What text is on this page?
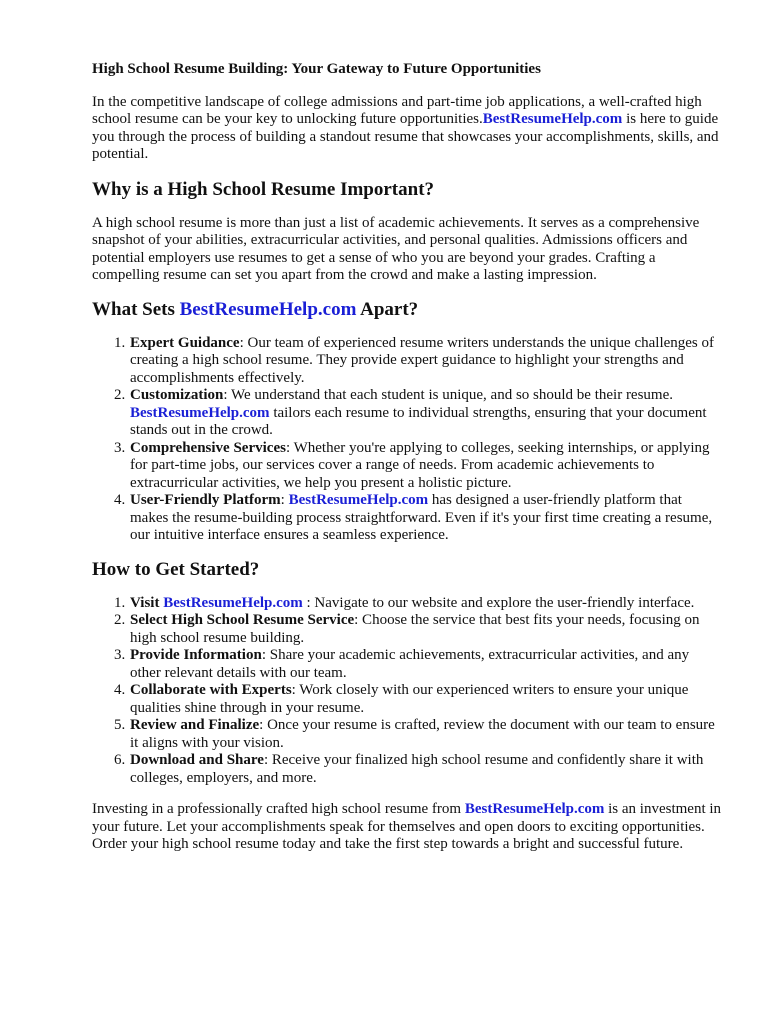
High School Resume Building: Your Gateway to Future Opportunities

In the competitive landscape of college admissions and part-time job applications, a well-crafted high school resume can be your key to unlocking future opportunities.BestResumeHelp.com is here to guide you through the process of building a standout resume that showcases your accomplishments, skills, and potential.

Why is a High School Resume Important?

A high school resume is more than just a list of academic achievements. It serves as a comprehensive snapshot of your abilities, extracurricular activities, and personal qualities. Admissions officers and potential employers use resumes to get a sense of who you are beyond your grades. Crafting a compelling resume can set you apart from the crowd and make a lasting impression.

What Sets BestResumeHelp.com Apart?
1. Expert Guidance: Our team of experienced resume writers understands the unique challenges of creating a high school resume. They provide expert guidance to highlight your strengths and accomplishments effectively.
2. Customization: We understand that each student is unique, and so should be their resume. BestResumeHelp.com tailors each resume to individual strengths, ensuring that your document stands out in the crowd.
3. Comprehensive Services: Whether you're applying to colleges, seeking internships, or applying for part-time jobs, our services cover a range of needs. From academic achievements to extracurricular activities, we help you present a holistic picture.
4. User-Friendly Platform: BestResumeHelp.com has designed a user-friendly platform that makes the resume-building process straightforward. Even if it's your first time creating a resume, our intuitive interface ensures a seamless experience.
How to Get Started?
1. Visit BestResumeHelp.com : Navigate to our website and explore the user-friendly interface.
2. Select High School Resume Service: Choose the service that best fits your needs, focusing on high school resume building.
3. Provide Information: Share your academic achievements, extracurricular activities, and any other relevant details with our team.
4. Collaborate with Experts: Work closely with our experienced writers to ensure your unique qualities shine through in your resume.
5. Review and Finalize: Once your resume is crafted, review the document with our team to ensure it aligns with your vision.
6. Download and Share: Receive your finalized high school resume and confidently share it with colleges, employers, and more.

Investing in a professionally crafted high school resume from BestResumeHelp.com is an investment in your future. Let your accomplishments speak for themselves and open doors to exciting opportunities. Order your high school resume today and take the first step towards a bright and successful future.
